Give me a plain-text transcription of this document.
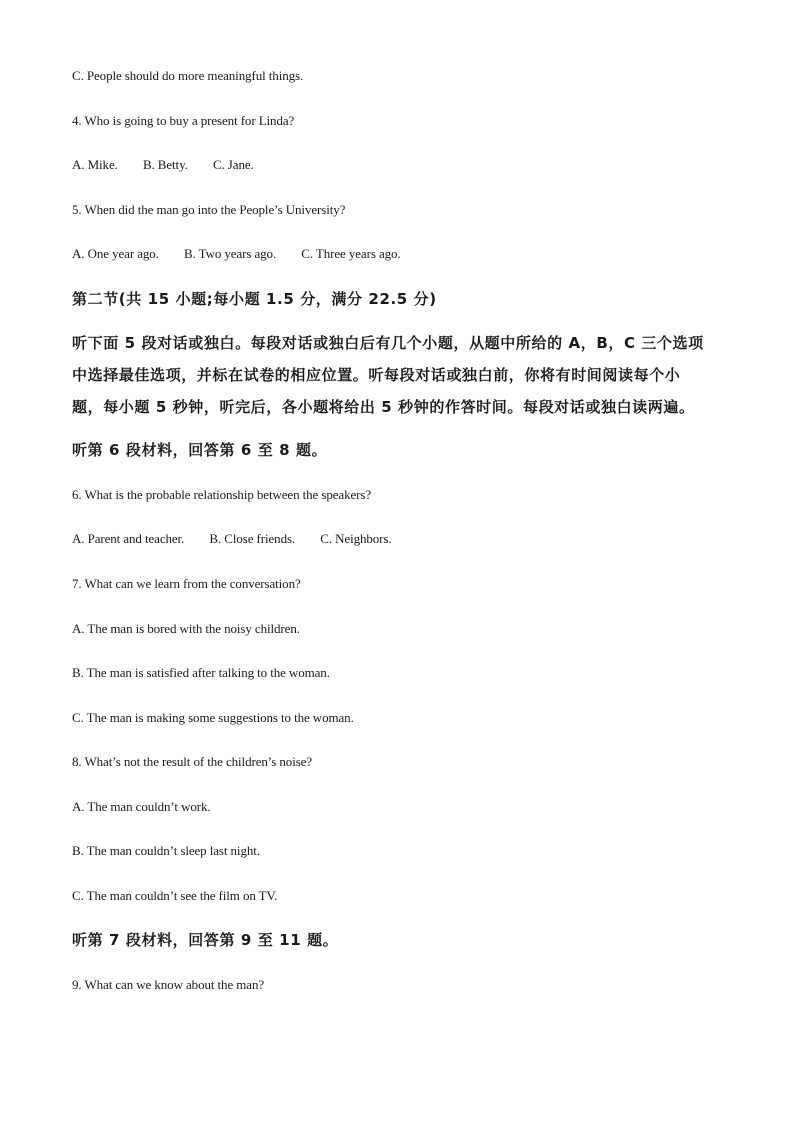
C. People should do more meaningful things.
4. Who is going to buy a present for Linda?
A. Mike. B. Betty. C. Jane.
5. When did the man go into the People’s University?
A. One year ago. B. Two years ago. C. Three years ago.
第二节(共 15 小题;每小题 1.5 分，满分 22.5 分)
听下面 5 段对话或独白。每段对话或独白后有几个小题，从题中所给的 A，B，C 三个选项
中选择最佳选项，并标在试卷的相应位置。听每段对话或独白前，你将有时间阅读每个小
题，每小题 5 秒钟，听完后，各小题将给出 5 秒钟的作答时间。每段对话或独白读两遍。
听第 6 段材料，回答第 6 至 8 题。
6. What is the probable relationship between the speakers?
A. Parent and teacher. B. Close friends. C. Neighbors.
7. What can we learn from the conversation?
A. The man is bored with the noisy children.
B. The man is satisfied after talking to the woman.
C. The man is making some suggestions to the woman.
8. What’s not the result of the children’s noise?
A. The man couldn’t work.
B. The man couldn’t sleep last night.
C. The man couldn’t see the film on TV.
听第 7 段材料，回答第 9 至 11 题。
9. What can we know about the man?
